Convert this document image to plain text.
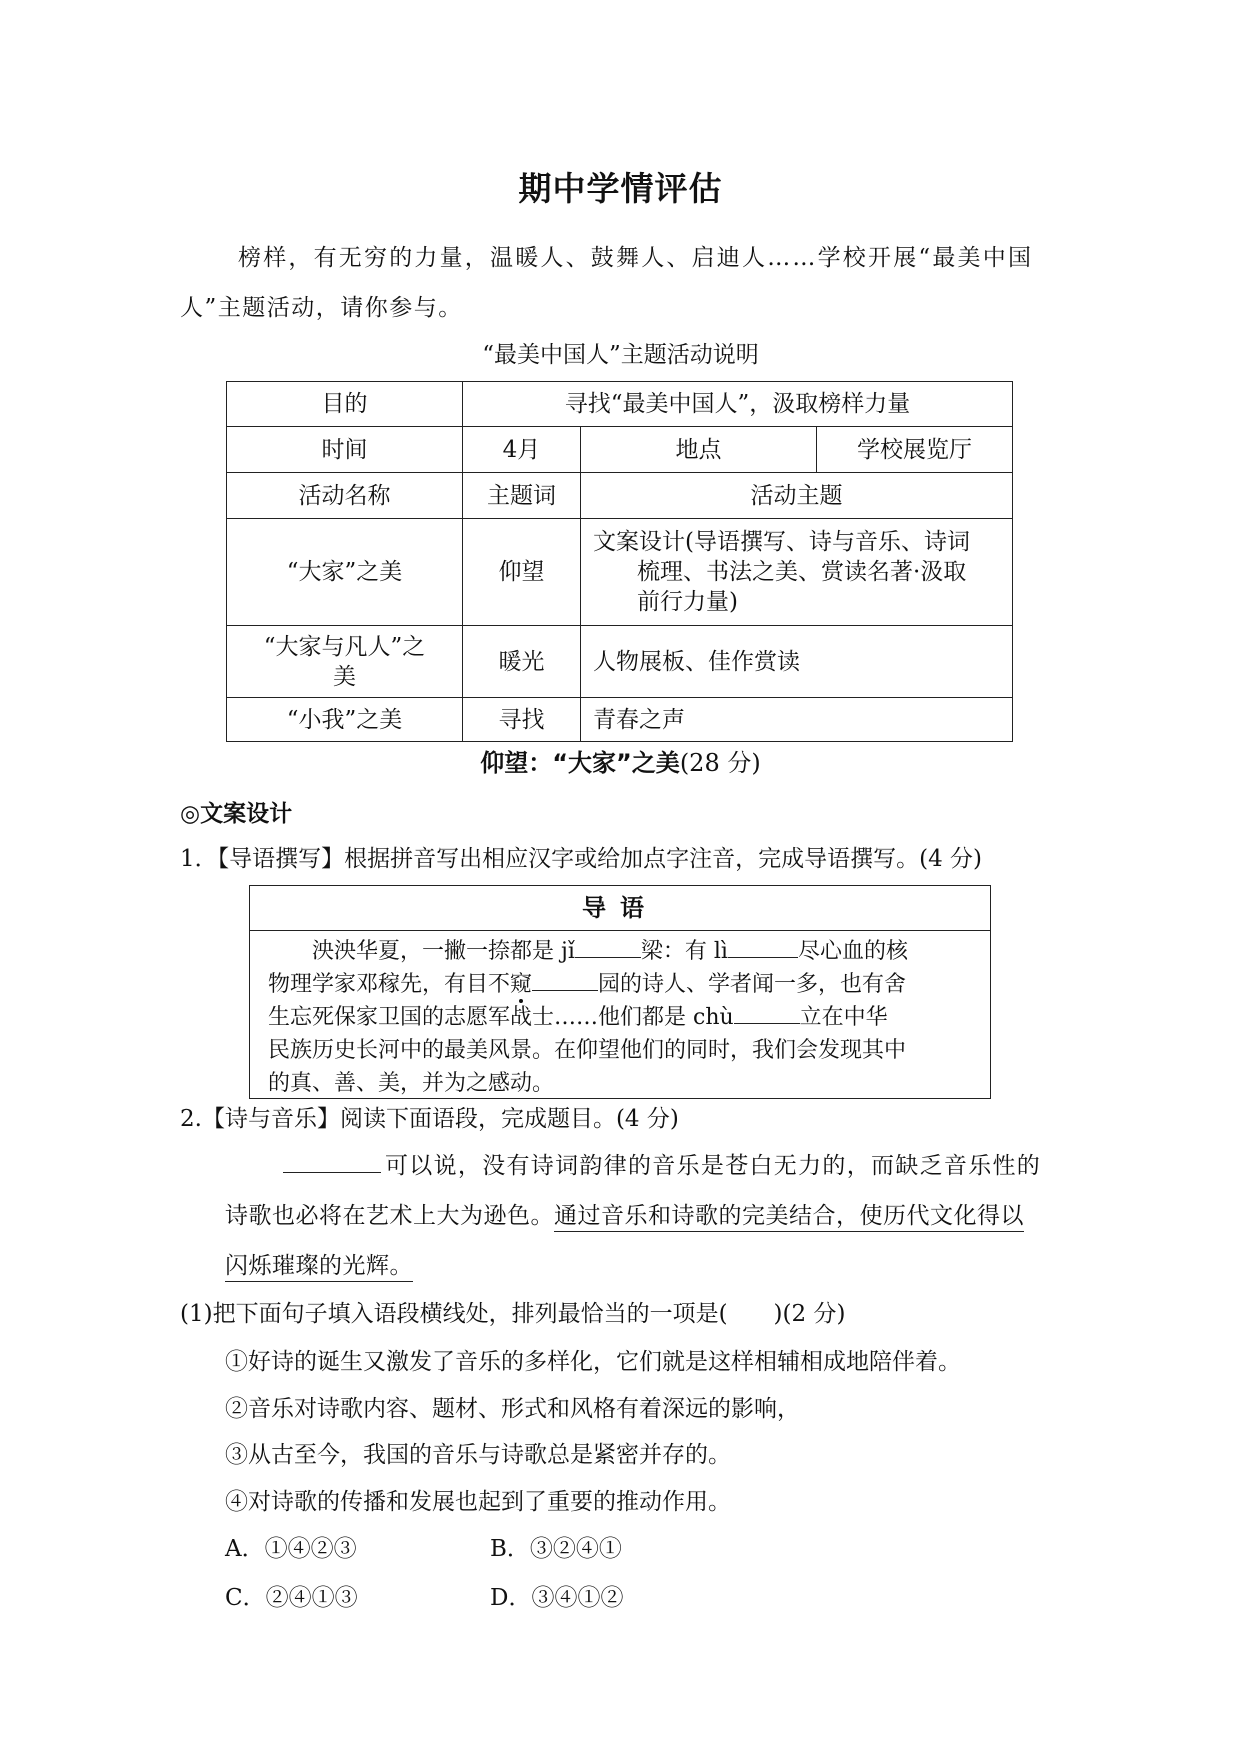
期中学情评估
榜样，有无穷的力量，温暖人、鼓舞人、启迪人……学校开展“最美中国
人”主题活动，请你参与。
“最美中国人”主题活动说明
目的	寻找“最美中国人”，汲取榜样力量		
时间	4月	地点	学校展览厅
活动名称	主题词	活动主题	
“大家”之美	仰望	文案设计(导语撰写、诗与音乐、诗词
梳理、书法之美、赏读名著·汲取
前行力量)	

“大家与凡人”之
美	暖光	人物展板、佳作赏读	
“小我”之美	寻找	青春之声	
仰望：“大家”之美(28 分)
◎文案设计
1．【导语撰写】根据拼音写出相应汉字或给加点字注音，完成导语撰写。(4 分)
导语
泱泱华夏，一撇一捺都是 jǐ	梁：有 lì	尽心血的核
物理学家邓稼先，有目不窥	园的诗人、学者闻一多，也有舍
生忘死保家卫国的志愿军战士……他们都是 chù	立在中华
民族历史长河中的最美风景。在仰望他们的同时，我们会发现其中
的真、善、美，并为之感动。
2.【诗与音乐】阅读下面语段，完成题目。(4 分)
可以说，没有诗词韵律的音乐是苍白无力的，而缺乏音乐性的
诗歌也必将在艺术上大为逊色。通过音乐和诗歌的完美结合，使历代文化得以
闪烁璀璨的光辉。
(1)把下面句子填入语段横线处，排列最恰当的一项是(　　)(2 分)
①好诗的诞生又激发了音乐的多样化，它们就是这样相辅相成地陪伴着。
②音乐对诗歌内容、题材、形式和风格有着深远的影响，
③从古至今，我国的音乐与诗歌总是紧密并存的。
④对诗歌的传播和发展也起到了重要的推动作用。
A．①④②③	B．③②④①
C．②④①③	D．③④①②
